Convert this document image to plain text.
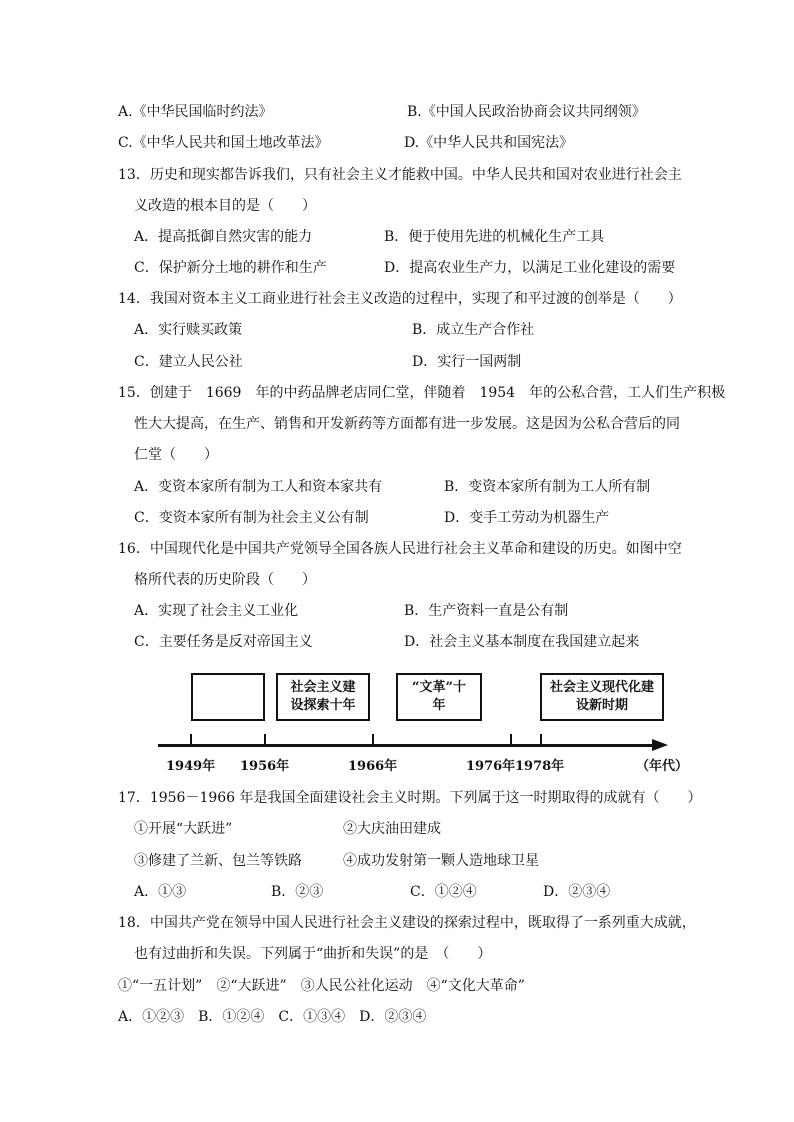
A.《中华民国临时约法》	B.《中国人民政治协商会议共同纲领》
C.《中华人民共和国土地改革法》	D.《中华人民共和国宪法》
13．历史和现实都告诉我们，只有社会主义才能救中国。中华人民共和国对农业进行社会主
义改造的根本目的是（　　）
A．提高抵御自然灾害的能力	B．便于使用先进的机械化生产工具
C．保护新分土地的耕作和生产	D．提高农业生产力，以满足工业化建设的需要
14．我国对资本主义工商业进行社会主义改造的过程中，实现了和平过渡的创举是（　　）
A．实行赎买政策	B．成立生产合作社
C．建立人民公社	D．实行一国两制
15．创建于　1669　年的中药品牌老店同仁堂，伴随着　1954　年的公私合营，工人们生产积极
性大大提高，在生产、销售和开发新药等方面都有进一步发展。这是因为公私合营后的同
仁堂（　　）
A．变资本家所有制为工人和资本家共有	B．变资本家所有制为工人所有制
C．变资本家所有制为社会主义公有制	D．变手工劳动为机器生产
16．中国现代化是中国共产党领导全国各族人民进行社会主义革命和建设的历史。如图中空
格所代表的历史阶段（　　）
A．实现了社会主义工业化	B．生产资料一直是公有制
C．主要任务是反对帝国主义	D．社会主义基本制度在我国建立起来
社会主义建设探索十年
“文革”十年
社会主义现代化建设新时期
1949年 1956年	1966年	1976年 1978年	（年代）
17．1956－1966 年是我国全面建设社会主义时期。下列属于这一时期取得的成就有（　　）
①开展“大跃进”	②大庆油田建成
③修建了兰新、包兰等铁路	④成功发射第一颗人造地球卫星
A．①③	B．②③	C．①②④	D．②③④
18．中国共产党在领导中国人民进行社会主义建设的探索过程中，既取得了一系列重大成就，
也有过曲折和失误。下列属于“曲折和失误”的是　（　　）
①“一五计划”　②“大跃进”　③人民公社化运动　④“文化大革命”
A．①②③　B．①②④　C．①③④　D．②③④
